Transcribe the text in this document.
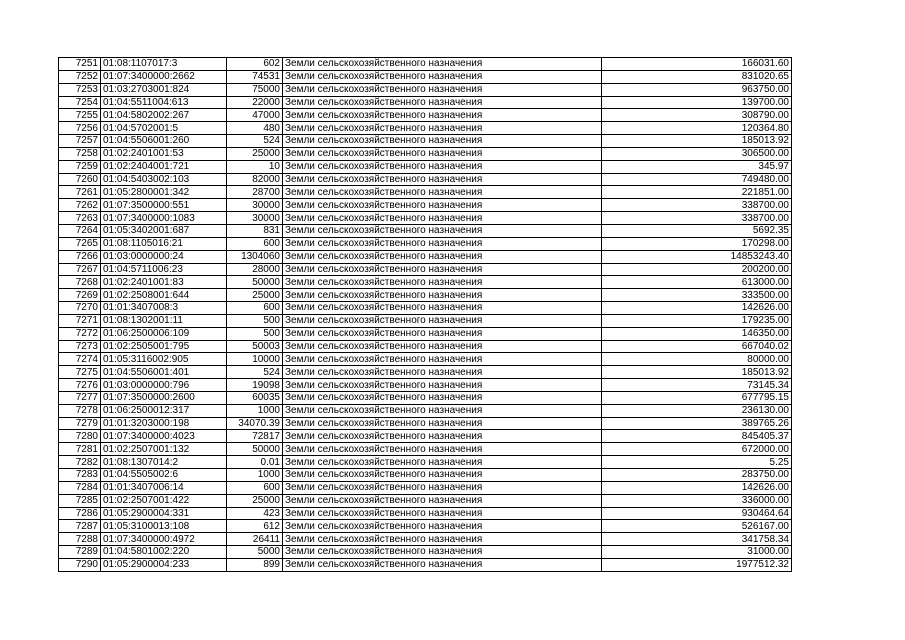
7251	01:08:1107017:3	602	Земли сельскохозяйственного назначения	166031.60
7252	01:07:3400000:2662	74531	Земли сельскохозяйственного назначения	831020.65
7253	01:03:2703001:824	75000	Земли сельскохозяйственного назначения	963750.00
7254	01:04:5511004:613	22000	Земли сельскохозяйственного назначения	139700.00
7255	01:04:5802002:267	47000	Земли сельскохозяйственного назначения	308790.00
7256	01:04:5702001:5	480	Земли сельскохозяйственного назначения	120364.80
7257	01:04:5506001:260	524	Земли сельскохозяйственного назначения	185013.92
7258	01:02:2401001:53	25000	Земли сельскохозяйственного назначения	306500.00
7259	01:02:2404001:721	10	Земли сельскохозяйственного назначения	345.97
7260	01:04:5403002:103	82000	Земли сельскохозяйственного назначения	749480.00
7261	01:05:2800001:342	28700	Земли сельскохозяйственного назначения	221851.00
7262	01:07:3500000:551	30000	Земли сельскохозяйственного назначения	338700.00
7263	01:07:3400000:1083	30000	Земли сельскохозяйственного назначения	338700.00
7264	01:05:3402001:687	831	Земли сельскохозяйственного назначения	5692.35
7265	01:08:1105016:21	600	Земли сельскохозяйственного назначения	170298.00
7266	01:03:0000000:24	1304060	Земли сельскохозяйственного назначения	14853243.40
7267	01:04:5711006:23	28000	Земли сельскохозяйственного назначения	200200.00
7268	01:02:2401001:83	50000	Земли сельскохозяйственного назначения	613000.00
7269	01:02:2508001:644	25000	Земли сельскохозяйственного назначения	333500.00
7270	01:01:3407008:3	600	Земли сельскохозяйственного назначения	142626.00
7271	01:08:1302001:11	500	Земли сельскохозяйственного назначения	179235.00
7272	01:06:2500006:109	500	Земли сельскохозяйственного назначения	146350.00
7273	01:02:2505001:795	50003	Земли сельскохозяйственного назначения	667040.02
7274	01:05:3116002:905	10000	Земли сельскохозяйственного назначения	80000.00
7275	01:04:5506001:401	524	Земли сельскохозяйственного назначения	185013.92
7276	01:03:0000000:796	19098	Земли сельскохозяйственного назначения	73145.34
7277	01:07:3500000:2600	60035	Земли сельскохозяйственного назначения	677795.15
7278	01:06:2500012:317	1000	Земли сельскохозяйственного назначения	236130.00
7279	01:01:3203000:198	34070.39	Земли сельскохозяйственного назначения	389765.26
7280	01:07:3400000:4023	72817	Земли сельскохозяйственного назначения	845405.37
7281	01:02:2507001:132	50000	Земли сельскохозяйственного назначения	672000.00
7282	01:08:1307014:2	0.01	Земли сельскохозяйственного назначения	5.25
7283	01:04:5505002:6	1000	Земли сельскохозяйственного назначения	283750.00
7284	01:01:3407006:14	600	Земли сельскохозяйственного назначения	142626.00
7285	01:02:2507001:422	25000	Земли сельскохозяйственного назначения	336000.00
7286	01:05:2900004:331	423	Земли сельскохозяйственного назначения	930464.64
7287	01:05:3100013:108	612	Земли сельскохозяйственного назначения	526167.00
7288	01:07:3400000:4972	26411	Земли сельскохозяйственного назначения	341758.34
7289	01:04:5801002:220	5000	Земли сельскохозяйственного назначения	31000.00
7290	01:05:2900004:233	899	Земли сельскохозяйственного назначения	1977512.32
